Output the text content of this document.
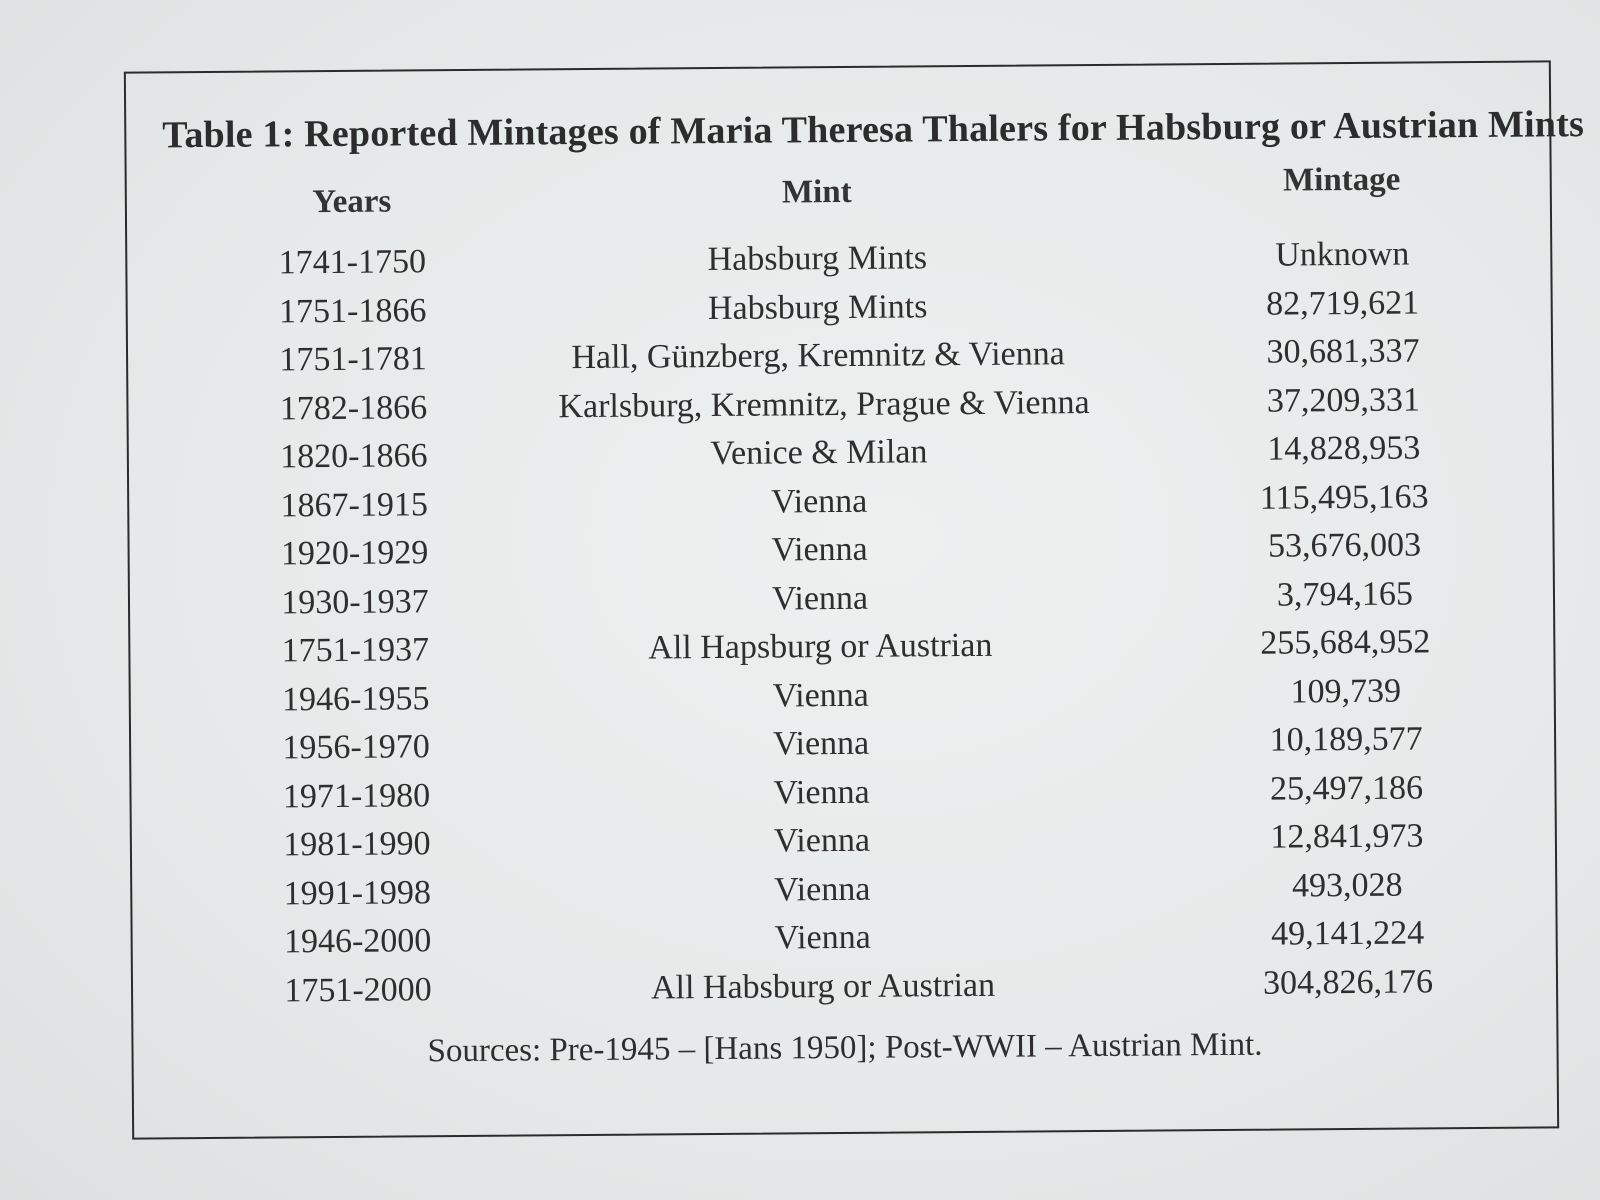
Table 1: Reported Mintages of Maria Theresa Thalers for Habsburg or Austrian Mints
Years	Mint	Mintage
1741-1750	Habsburg Mints	Unknown
1751-1866	Habsburg Mints	82,719,621
1751-1781	Hall, Günzberg, Kremnitz & Vienna	30,681,337
1782-1866	Karlsburg, Kremnitz, Prague & Vienna	37,209,331
1820-1866	Venice & Milan	14,828,953
1867-1915	Vienna	115,495,163
1920-1929	Vienna	53,676,003
1930-1937	Vienna	3,794,165
1751-1937	All Hapsburg or Austrian	255,684,952
1946-1955	Vienna	109,739
1956-1970	Vienna	10,189,577
1971-1980	Vienna	25,497,186
1981-1990	Vienna	12,841,973
1991-1998	Vienna	493,028
1946-2000	Vienna	49,141,224
1751-2000	All Habsburg or Austrian	304,826,176
Sources: Pre-1945 – [Hans 1950]; Post-WWII – Austrian Mint.
